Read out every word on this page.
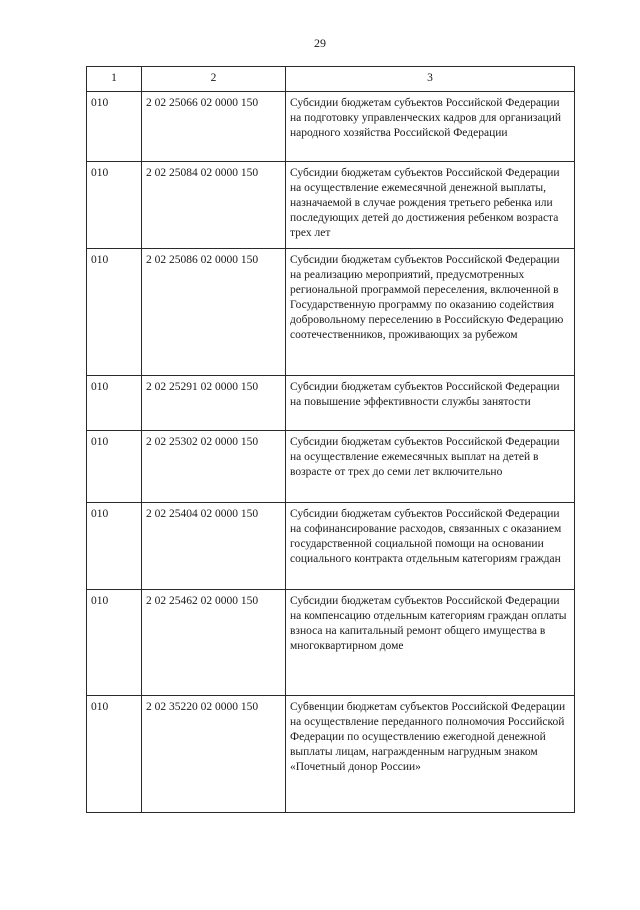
29
1	2	3
010	2 02 25066 02 0000 150	Субсидии бюджетам субъектов Российской Федерации на подготовку управленческих кадров для организаций народного хозяйства Российской Федерации
010	2 02 25084 02 0000 150	Субсидии бюджетам субъектов Российской Федерации на осуществление ежемесячной денежной выплаты, назначаемой в случае рождения третьего ребенка или последующих детей до достижения ребенком возраста трех лет
010	2 02 25086 02 0000 150	Субсидии бюджетам субъектов Российской Федерации на реализацию мероприятий, предусмотренных региональной программой переселения, включенной в Государственную программу по оказанию содействия добровольному переселению в Российскую Федерацию соотечественников, проживающих за рубежом
010	2 02 25291 02 0000 150	Субсидии бюджетам субъектов Российской Федерации на повышение эффективности службы занятости
010	2 02 25302 02 0000 150	Субсидии бюджетам субъектов Российской Федерации на осуществление ежемесячных выплат на детей в возрасте от трех до семи лет включительно
010	2 02 25404 02 0000 150	Субсидии бюджетам субъектов Российской Федерации на софинансирование расходов, связанных с оказанием государственной социальной помощи на основании социального контракта отдельным категориям граждан
010	2 02 25462 02 0000 150	Субсидии бюджетам субъектов Российской Федерации на компенсацию отдельным категориям граждан оплаты взноса на капитальный ремонт общего имущества в многоквартирном доме
010	2 02 35220 02 0000 150	Субвенции бюджетам субъектов Российской Федерации на осуществление переданного полномочия Российской Федерации по осуществлению ежегодной денежной выплаты лицам, награжденным нагрудным знаком «Почетный донор России»
